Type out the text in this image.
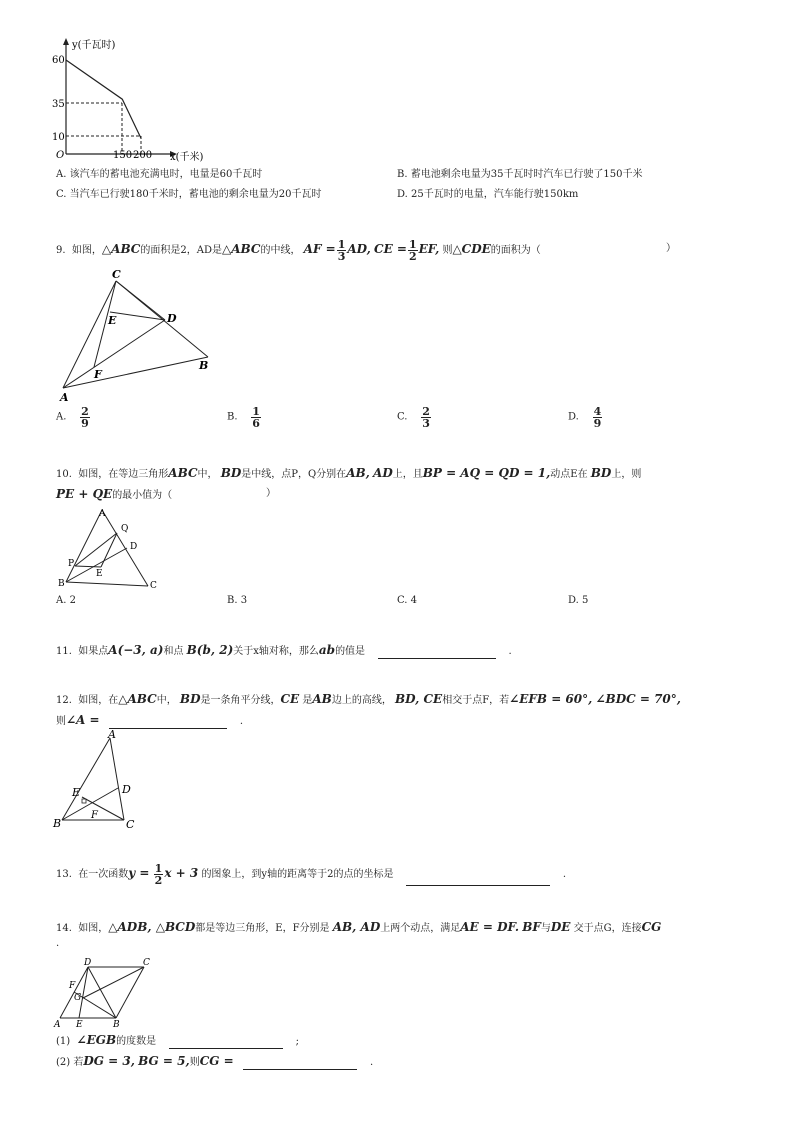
y(千瓦时)
x(千米)
O
60
35
10
150 200
A. 该汽车的蓄电池充满电时，电量是60千瓦时	B. 蓄电池剩余电量为35千瓦时时汽车已行驶了150千米
C. 当汽车已行驶180千米时，蓄电池的剩余电量为20千瓦时	D. 25千瓦时的电量，汽车能行驶150km
9. 如图，△ABC的面积是2，AD是△ABC的中线， AF = $\frac{1}{3}$ AD, CE = $\frac{1}{2}$ EF, 则△CDE的面积为（	）
C
E	D
F
B
A
A. $\frac{2}{9}$	B. $\frac{1}{6}$	C. $\frac{2}{3}$	D. $\frac{4}{9}$
10. 如图，在等边三角形ABC中， BD是中线，点P，Q分别在AB, AD上，且BP = AQ = QD = 1,动点E在 BD上，则
PE + QE的最小值为（	）
A
Q
D
P
E
B	C
A. 2	B. 3	C. 4	D. 5
11. 如果点A(−3, a)和点 B(b, 2)关于x轴对称，那么ab的值是	.
12. 如图，在△ABC中， BD是一条角平分线，CE 是AB边上的高线， BD, CE相交于点F，若∠EFB = 60°, ∠BDC = 70°,
则∠A =	.
A
E	D
F
B	C
13. 在一次函数$y = \frac{1}{2}$ x + 3 的图象上，到y轴的距离等于2的点的坐标是	.
14. 如图，△ADB, △BCD都是等边三角形，E，F分别是 AB, AD上两个动点，满足AE = DF. BF与DE 交于点G，连接CG
.
D	C
F
G
A E	B
(1) ∠EGB的度数是	;
(2) 若DG = 3, BG = 5,则CG =	.
